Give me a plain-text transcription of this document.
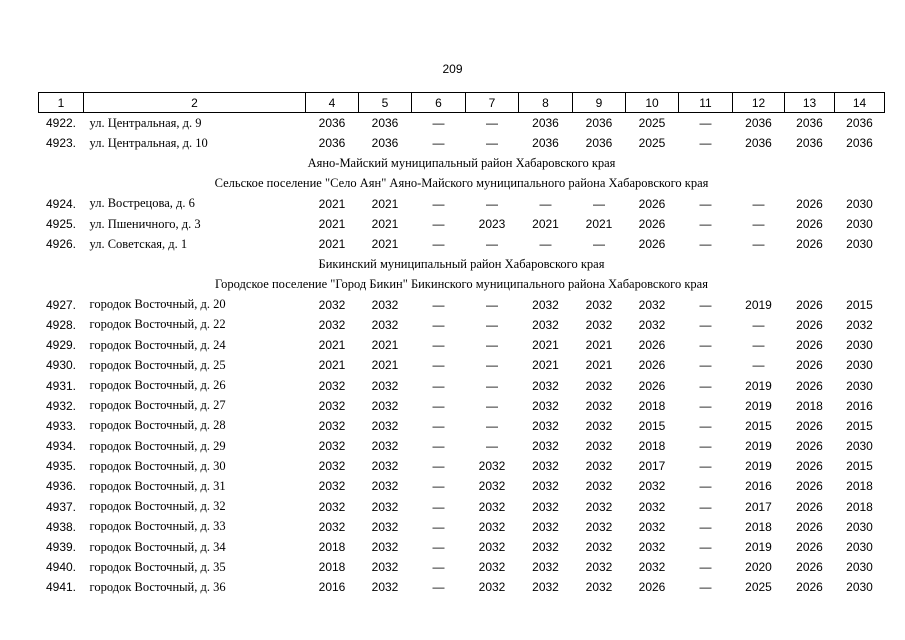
209
1	2	4	5	6	7	8	9	10	11	12	13	14
4922.	ул. Центральная, д. 9	2036	2036	—	—	2036	2036	2025	—	2036	2036	2036
4923.	ул. Центральная, д. 10	2036	2036	—	—	2036	2036	2025	—	2036	2036	2036
Аяно-Майский муниципальный район Хабаровского края												
Сельское поселение "Село Аян" Аяно-Майского муниципального района Хабаровского края												
4924.	ул. Вострецова, д. 6	2021	2021	—	—	—	—	2026	—	—	2026	2030
4925.	ул. Пшеничного, д. 3	2021	2021	—	2023	2021	2021	2026	—	—	2026	2030
4926.	ул. Советская, д. 1	2021	2021	—	—	—	—	2026	—	—	2026	2030
Бикинский муниципальный район Хабаровского края												
Городское поселение "Город Бикин" Бикинского муниципального района Хабаровского края												
4927.	городок Восточный, д. 20	2032	2032	—	—	2032	2032	2032	—	2019	2026	2015
4928.	городок Восточный, д. 22	2032	2032	—	—	2032	2032	2032	—	—	2026	2032
4929.	городок Восточный, д. 24	2021	2021	—	—	2021	2021	2026	—	—	2026	2030
4930.	городок Восточный, д. 25	2021	2021	—	—	2021	2021	2026	—	—	2026	2030
4931.	городок Восточный, д. 26	2032	2032	—	—	2032	2032	2026	—	2019	2026	2030
4932.	городок Восточный, д. 27	2032	2032	—	—	2032	2032	2018	—	2019	2018	2016
4933.	городок Восточный, д. 28	2032	2032	—	—	2032	2032	2015	—	2015	2026	2015
4934.	городок Восточный, д. 29	2032	2032	—	—	2032	2032	2018	—	2019	2026	2030
4935.	городок Восточный, д. 30	2032	2032	—	2032	2032	2032	2017	—	2019	2026	2015
4936.	городок Восточный, д. 31	2032	2032	—	2032	2032	2032	2032	—	2016	2026	2018
4937.	городок Восточный, д. 32	2032	2032	—	2032	2032	2032	2032	—	2017	2026	2018
4938.	городок Восточный, д. 33	2032	2032	—	2032	2032	2032	2032	—	2018	2026	2030
4939.	городок Восточный, д. 34	2018	2032	—	2032	2032	2032	2032	—	2019	2026	2030
4940.	городок Восточный, д. 35	2018	2032	—	2032	2032	2032	2032	—	2020	2026	2030
4941.	городок Восточный, д. 36	2016	2032	—	2032	2032	2032	2026	—	2025	2026	2030
